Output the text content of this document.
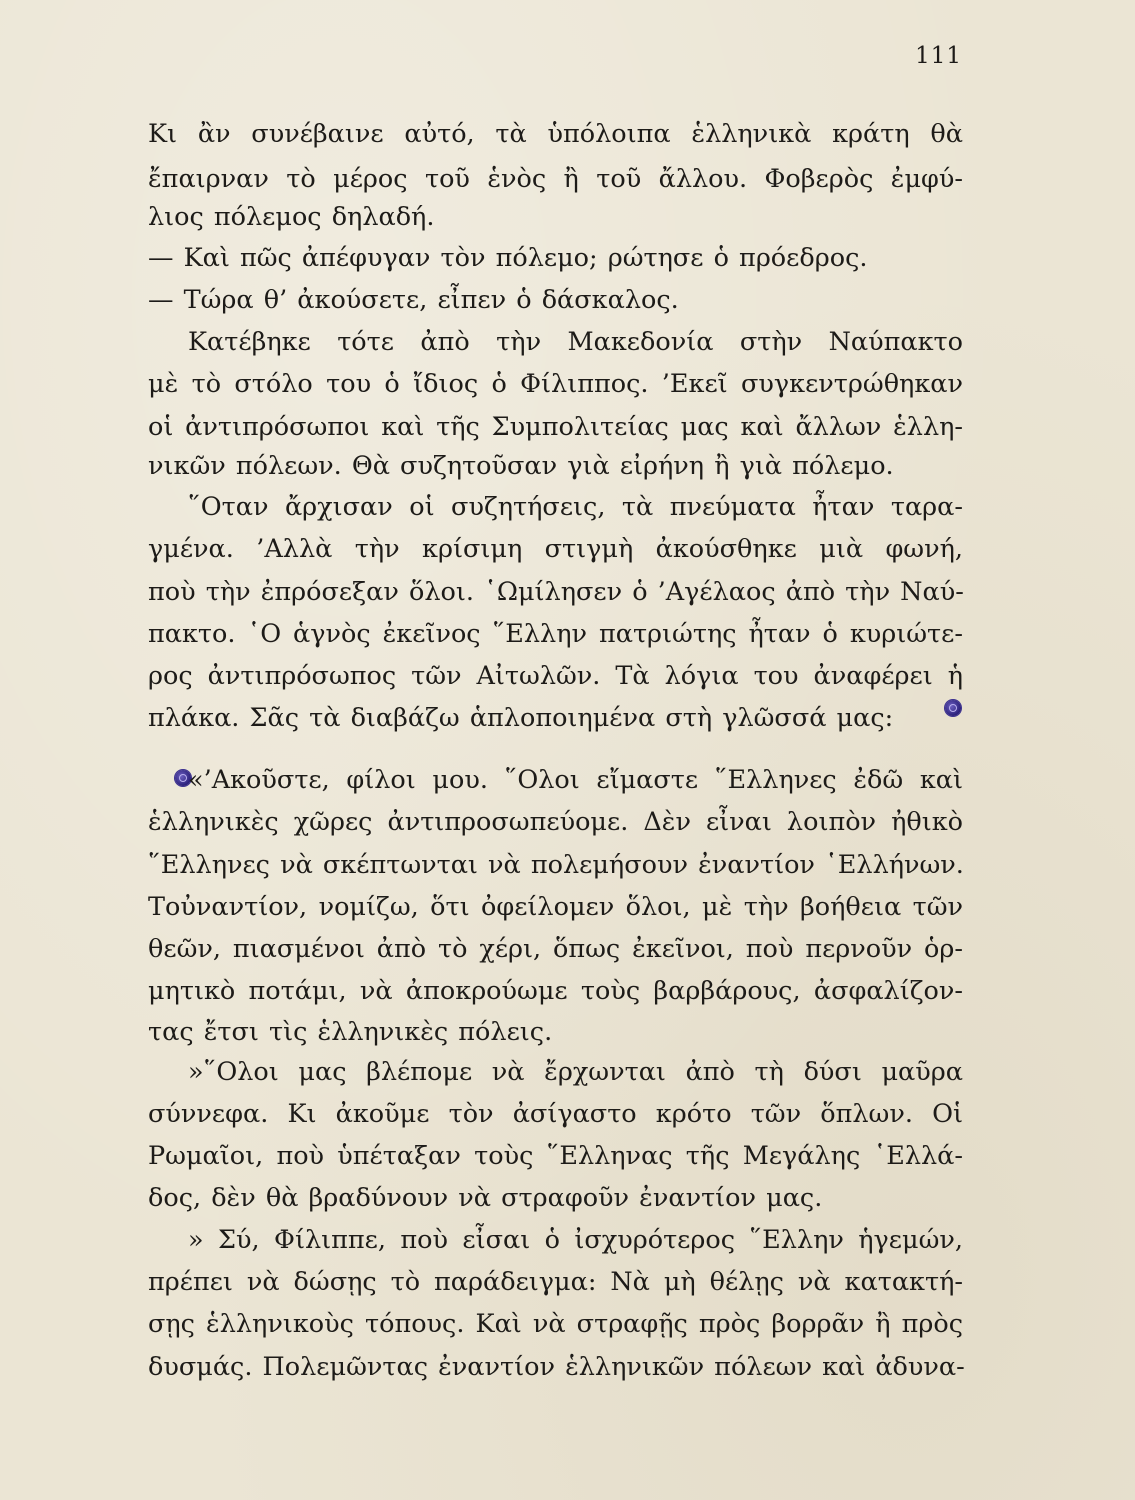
111
Κι ἂν συνέβαινε αὐτό, τὰ ὑπόλοιπα ἑλληνικὰ κράτη θὰ
ἔπαιρναν τὸ μέρος τοῦ ἑνὸς ἢ τοῦ ἄλλου. Φοβερὸς ἐμφύ-
λιος πόλεμος δηλαδή.
— Καὶ πῶς ἀπέφυγαν τὸν πόλεμο; ρώτησε ὁ πρόεδρος.
— Τώρα θ’ ἀκούσετε, εἶπεν ὁ δάσκαλος.
Κατέβηκε τότε ἀπὸ τὴν Μακεδονία στὴν Ναύπακτο
μὲ τὸ στόλο του ὁ ἴδιος ὁ Φίλιππος. ’Εκεῖ συγκεντρώθηκαν
οἱ ἀντιπρόσωποι καὶ τῆς Συμπολιτείας μας καὶ ἄλλων ἑλλη-
νικῶν πόλεων. Θὰ συζητοῦσαν γιὰ εἰρήνη ἢ γιὰ πόλεμο.
῞Οταν ἄρχισαν οἱ συζητήσεις, τὰ πνεύματα ἦταν ταρα-
γμένα. ’Αλλὰ τὴν κρίσιμη στιγμὴ ἀκούσθηκε μιὰ φωνή,
ποὺ τὴν ἐπρόσεξαν ὅλοι. ῾Ωμίλησεν ὁ ’Αγέλαος ἀπὸ τὴν Ναύ-
πακτο. ῾Ο ἁγνὸς ἐκεῖνος ῞Ελλην πατριώτης ἦταν ὁ κυριώτε-
ρος ἀντιπρόσωπος τῶν Αἰτωλῶν. Τὰ λόγια του ἀναφέρει ἡ
πλάκα. Σᾶς τὰ διαβάζω ἁπλοποιημένα στὴ γλῶσσά μας:
«’Ακοῦστε, φίλοι μου. ῞Ολοι εἴμαστε ῞Ελληνες ἐδῶ καὶ
ἑλληνικὲς χῶρες ἀντιπροσωπεύομε. Δὲν εἶναι λοιπὸν ἠθικὸ
῞Ελληνες νὰ σκέπτωνται νὰ πολεμήσουν ἐναντίον ῾Ελλήνων.
Τοὐναντίον, νομίζω, ὅτι ὀφείλομεν ὅλοι, μὲ τὴν βοήθεια τῶν
θεῶν, πιασμένοι ἀπὸ τὸ χέρι, ὅπως ἐκεῖνοι, ποὺ περνοῦν ὁρ-
μητικὸ ποτάμι, νὰ ἀποκρούωμε τοὺς βαρβάρους, ἀσφαλίζον-
τας ἔτσι τὶς ἑλληνικὲς πόλεις.
»῞Ολοι μας βλέπομε νὰ ἔρχωνται ἀπὸ τὴ δύσι μαῦρα
σύννεφα. Κι ἀκοῦμε τὸν ἀσίγαστο κρότο τῶν ὅπλων. Οἱ
Ρωμαῖοι, ποὺ ὑπέταξαν τοὺς ῞Ελληνας τῆς Μεγάλης ῾Ελλά-
δος, δὲν θὰ βραδύνουν νὰ στραφοῦν ἐναντίον μας.
» Σύ, Φίλιππε, ποὺ εἶσαι ὁ ἰσχυρότερος ῞Ελλην ἡγεμών,
πρέπει νὰ δώσῃς τὸ παράδειγμα: Νὰ μὴ θέλῃς νὰ κατακτή-
σῃς ἑλληνικοὺς τόπους. Καὶ νὰ στραφῇς πρὸς βορρᾶν ἢ πρὸς
δυσμάς. Πολεμῶντας ἐναντίον ἑλληνικῶν πόλεων καὶ ἀδυνα-
